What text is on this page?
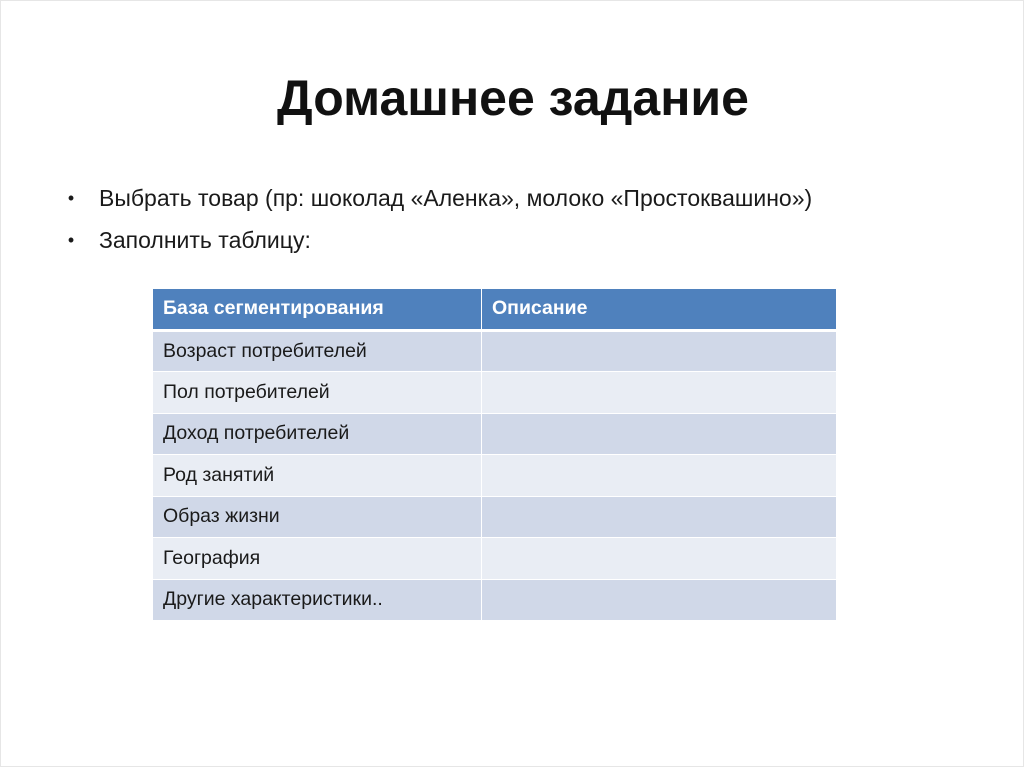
Домашнее задание
• Выбрать товар (пр: шоколад «Аленка», молоко «Простоквашино»)
• Заполнить таблицу:
База сегментирования	Описание
Возраст потребителей	
Пол потребителей	
Доход потребителей	
Род занятий	
Образ жизни	
География	
Другие характеристики..	
